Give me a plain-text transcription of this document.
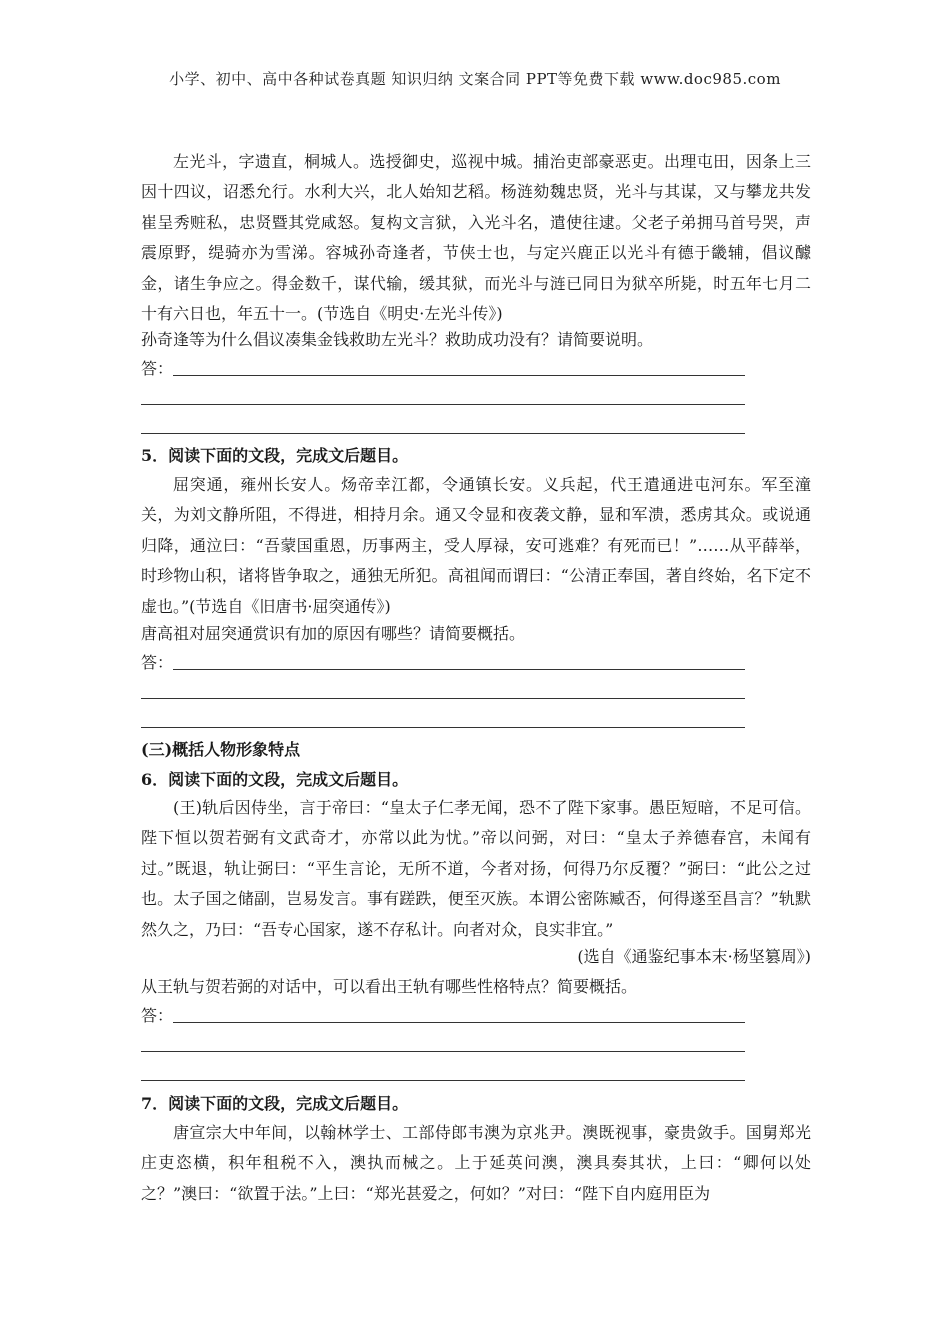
小学、初中、高中各种试卷真题 知识归纳 文案合同 PPT等免费下载 www.doc985.com

左光斗，字遗直，桐城人。选授御史，巡视中城。捕治吏部豪恶吏。出理屯田，因条上三因十四议，诏悉允行。水利大兴，北人始知艺稻。杨涟劾魏忠贤，光斗与其谋，又与攀龙共发崔呈秀赃私，忠贤暨其党咸怒。复构文言狱，入光斗名，遣使往逮。父老子弟拥马首号哭，声震原野，缇骑亦为雪涕。容城孙奇逢者，节侠士也，与定兴鹿正以光斗有德于畿辅，倡议醵金，诸生争应之。得金数千，谋代输，缓其狱，而光斗与涟已同日为狱卒所毙，时五年七月二十有六日也，年五十一。(节选自《明史·左光斗传》)

孙奇逢等为什么倡议凑集金钱救助左光斗？救助成功没有？请简要说明。

答：

5．阅读下面的文段，完成文后题目。

屈突通，雍州长安人。炀帝幸江都，令通镇长安。义兵起，代王遣通进屯河东。军至潼关，为刘文静所阻，不得进，相持月余。通又令显和夜袭文静，显和军溃，悉虏其众。或说通归降，通泣曰：“吾蒙国重恩，历事两主，受人厚禄，安可逃难？有死而已！”……从平薛举，时珍物山积，诸将皆争取之，通独无所犯。高祖闻而谓曰：“公清正奉国，著自终始，名下定不虚也。”(节选自《旧唐书·屈突通传》)

唐高祖对屈突通赏识有加的原因有哪些？请简要概括。

答：

(三)概括人物形象特点

6．阅读下面的文段，完成文后题目。

(王)轨后因侍坐，言于帝曰：“皇太子仁孝无闻，恐不了陛下家事。愚臣短暗，不足可信。陛下恒以贺若弼有文武奇才，亦常以此为忧。”帝以问弼，对曰：“皇太子养德春宫，未闻有过。”既退，轨让弼曰：“平生言论，无所不道，今者对扬，何得乃尔反覆？”弼曰：“此公之过也。太子国之储副，岂易发言。事有蹉跌，便至灭族。本谓公密陈臧否，何得遂至昌言？”轨默然久之，乃曰：“吾专心国家，遂不存私计。向者对众，良实非宜。”

(选自《通鉴纪事本末·杨坚篡周》)

从王轨与贺若弼的对话中，可以看出王轨有哪些性格特点？简要概括。

答：

7．阅读下面的文段，完成文后题目。

唐宣宗大中年间，以翰林学士、工部侍郎韦澳为京兆尹。澳既视事，豪贵敛手。国舅郑光庄吏恣横，积年租税不入，澳执而械之。上于延英问澳，澳具奏其状，上曰：“卿何以处之？”澳曰：“欲置于法。”上曰：“郑光甚爱之，何如？”对曰：“陛下自内庭用臣为
